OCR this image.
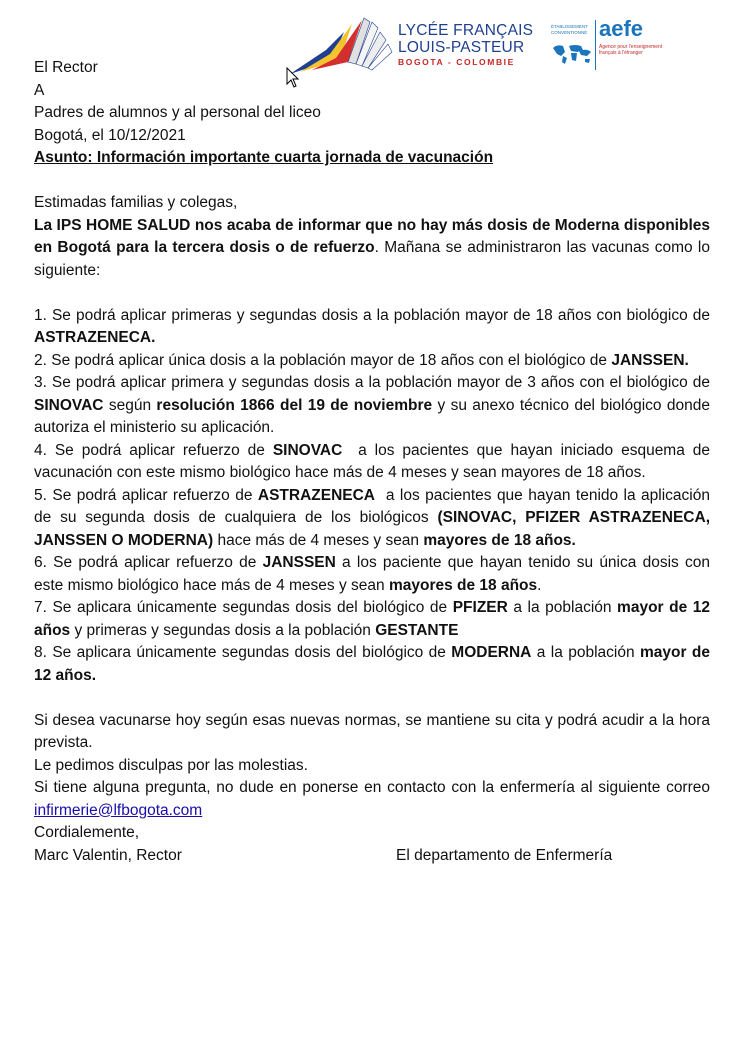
LYCÉE FRANÇAIS
LOUIS-PASTEUR
BOGOTA - COLOMBIE
ÉTABLISSEMENT CONVENTIONNÉ aefe
Agence pour l'enseignement français à l'étranger

El Rector

A

Padres de alumnos y al personal del liceo

Bogotá, el 10/12/2021

Asunto: Información importante cuarta jornada de vacunación

Estimadas familias y colegas,

La IPS HOME SALUD nos acaba de informar que no hay más dosis de Moderna disponibles en Bogotá para la tercera dosis o de refuerzo. Mañana se administraron las vacunas como lo siguiente:

1. Se podrá aplicar primeras y segundas dosis a la población mayor de 18 años con biológico de ASTRAZENECA.

2. Se podrá aplicar única dosis a la población mayor de 18 años con el biológico de JANSSEN.

3. Se podrá aplicar primera y segundas dosis a la población mayor de 3 años con el biológico de SINOVAC según resolución 1866 del 19 de noviembre y su anexo técnico del biológico donde autoriza el ministerio su aplicación.

4. Se podrá aplicar refuerzo de SINOVAC  a los pacientes que hayan iniciado esquema de vacunación con este mismo biológico hace más de 4 meses y sean mayores de 18 años.

5. Se podrá aplicar refuerzo de ASTRAZENECA  a los pacientes que hayan tenido la aplicación de su segunda dosis de cualquiera de los biológicos (SINOVAC, PFIZER ASTRAZENECA, JANSSEN O MODERNA) hace más de 4 meses y sean mayores de 18 años.

6. Se podrá aplicar refuerzo de JANSSEN a los paciente que hayan tenido su única dosis con este mismo biológico hace más de 4 meses y sean mayores de 18 años.

7. Se aplicara únicamente segundas dosis del biológico de PFIZER a la población mayor de 12 años y primeras y segundas dosis a la población GESTANTE

8. Se aplicara únicamente segundas dosis del biológico de MODERNA a la población mayor de 12 años.

Si desea vacunarse hoy según esas nuevas normas, se mantiene su cita y podrá acudir a la hora prevista.

Le pedimos disculpas por las molestias.

Si tiene alguna pregunta, no dude en ponerse en contacto con la enfermería al siguiente correo infirmerie@lfbogota.com

Cordialemente,

Marc Valentin, Rector	El departamento de Enfermería
